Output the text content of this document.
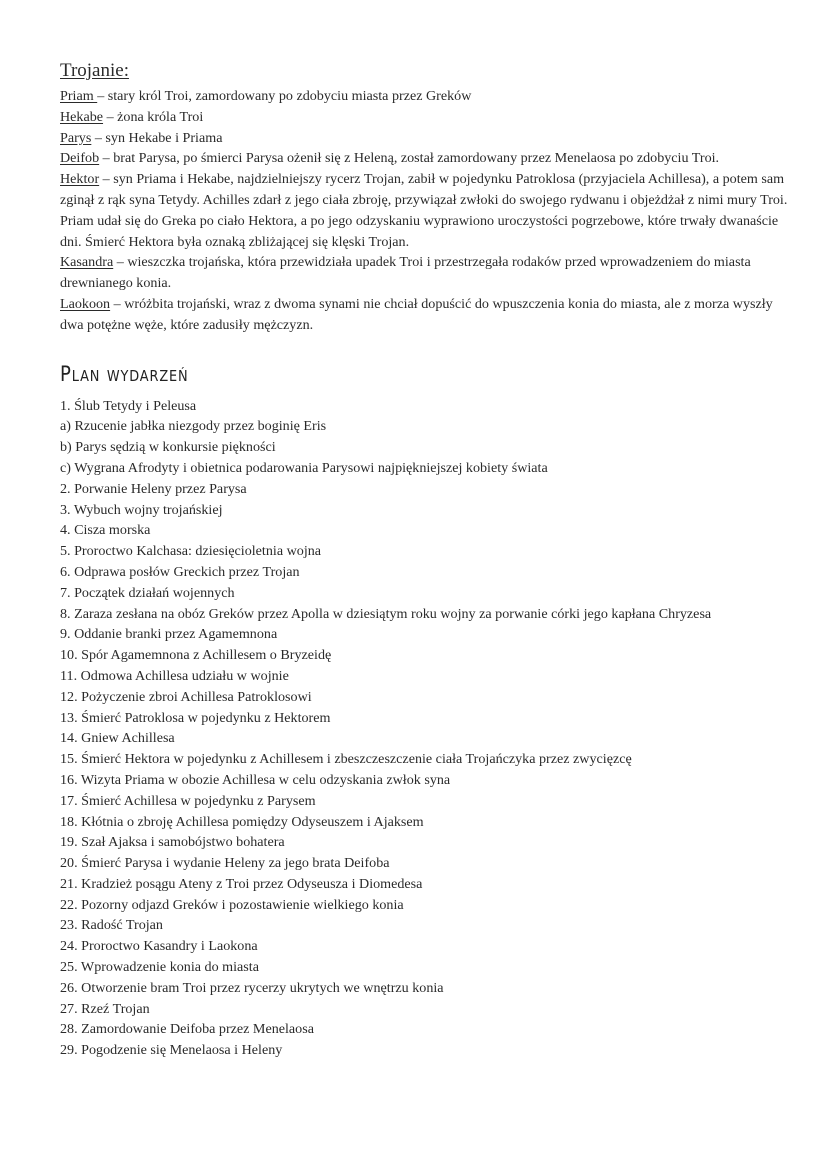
Trojanie:

Priam – stary król Troi, zamordowany po zdobyciu miasta przez Greków

Hekabe – żona króla Troi

Parys – syn Hekabe i Priama

Deifob – brat Parysa, po śmierci Parysa ożenił się z Heleną, został zamordowany przez Menelaosa po zdobyciu Troi.

Hektor – syn Priama i Hekabe, najdzielniejszy rycerz Trojan, zabił w pojedynku Patroklosa (przyjaciela Achillesa), a potem sam zginął z rąk syna Tetydy. Achilles zdarł z jego ciała zbroję, przywiązał zwłoki do swojego rydwanu i objeżdżał z nimi mury Troi. Priam udał się do Greka po ciało Hektora, a po jego odzyskaniu wyprawiono uroczystości pogrzebowe, które trwały dwanaście dni. Śmierć Hektora była oznaką zbliżającej się klęski Trojan.

Kasandra – wieszczka trojańska, która przewidziała upadek Troi i przestrzegała rodaków przed wprowadzeniem do miasta drewnianego konia.

Laokoon – wróżbita trojański, wraz z dwoma synami nie chciał dopuścić do wpuszczenia konia do miasta, ale z morza wyszły dwa potężne węże, które zadusiły mężczyzn.

Plan wydarzeń
1. Ślub Tetydy i Peleusa
a) Rzucenie jabłka niezgody przez boginię Eris
b) Parys sędzią w konkursie piękności
c) Wygrana Afrodyty i obietnica podarowania Parysowi najpiękniejszej kobiety świata
2. Porwanie Heleny przez Parysa
3. Wybuch wojny trojańskiej
4. Cisza morska
5. Proroctwo Kalchasa: dziesięcioletnia wojna
6. Odprawa posłów Greckich przez Trojan
7. Początek działań wojennych
8. Zaraza zesłana na obóz Greków przez Apolla w dziesiątym roku wojny za porwanie córki jego kapłana Chryzesa
9. Oddanie branki przez Agamemnona
10. Spór Agamemnona z Achillesem o Bryzeidę
11. Odmowa Achillesa udziału w wojnie
12. Pożyczenie zbroi Achillesa Patroklosowi
13. Śmierć Patroklosa w pojedynku z Hektorem
14. Gniew Achillesa
15. Śmierć Hektora w pojedynku z Achillesem i zbeszczeszczenie ciała Trojańczyka przez zwycięzcę
16. Wizyta Priama w obozie Achillesa w celu odzyskania zwłok syna
17. Śmierć Achillesa w pojedynku z Parysem
18. Kłótnia o zbroję Achillesa pomiędzy Odyseuszem i Ajaksem
19. Szał Ajaksa i samobójstwo bohatera
20. Śmierć Parysa i wydanie Heleny za jego brata Deifoba
21. Kradzież posągu Ateny z Troi przez Odyseusza i Diomedesa
22. Pozorny odjazd Greków i pozostawienie wielkiego konia
23. Radość Trojan
24. Proroctwo Kasandry i Laokona
25. Wprowadzenie konia do miasta
26. Otworzenie bram Troi przez rycerzy ukrytych we wnętrzu konia
27. Rzeź Trojan
28. Zamordowanie Deifoba przez Menelaosa
29. Pogodzenie się Menelaosa i Heleny
